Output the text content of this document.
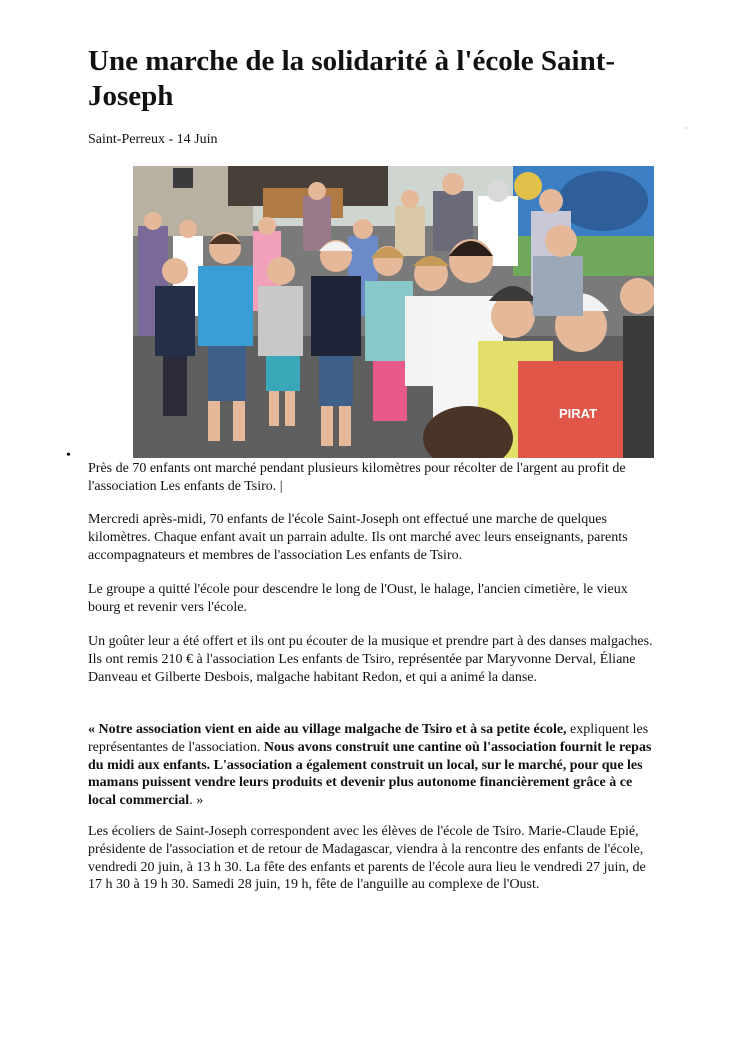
Une marche de la solidarité à l'école Saint-Joseph
Saint-Perreux - 14 Juin
PIRAT
•

Près de 70 enfants ont marché pendant plusieurs kilomètres pour récolter de l'argent au profit de l'association Les enfants de Tsiro. |

Mercredi après-midi, 70 enfants de l'école Saint-Joseph ont effectué une marche de quelques kilomètres. Chaque enfant avait un parrain adulte. Ils ont marché avec leurs enseignants, parents accompagnateurs et membres de l'association Les enfants de Tsiro.

Le groupe a quitté l'école pour descendre le long de l'Oust, le halage, l'ancien cimetière, le vieux bourg et revenir vers l'école.

Un goûter leur a été offert et ils ont pu écouter de la musique et prendre part à des danses malgaches. Ils ont remis 210 € à l'association Les enfants de Tsiro, représentée par Maryvonne Derval, Éliane Danveau et Gilberte Desbois, malgache habitant Redon, et qui a animé la danse.

« Notre association vient en aide au village malgache de Tsiro et à sa petite école, expliquent les représentantes de l'association. Nous avons construit une cantine où l'association fournit le repas du midi aux enfants. L'association a également construit un local, sur le marché, pour que les mamans puissent vendre leurs produits et devenir plus autonome financièrement grâce à ce local commercial. »

Les écoliers de Saint-Joseph correspondent avec les élèves de l'école de Tsiro. Marie-Claude Epié, présidente de l'association et de retour de Madagascar, viendra à la rencontre des enfants de l'école, vendredi 20 juin, à 13 h 30. La fête des enfants et parents de l'école aura lieu le vendredi 27 juin, de 17 h 30 à 19 h 30. Samedi 28 juin, 19 h, fête de l'anguille au complexe de l'Oust.
